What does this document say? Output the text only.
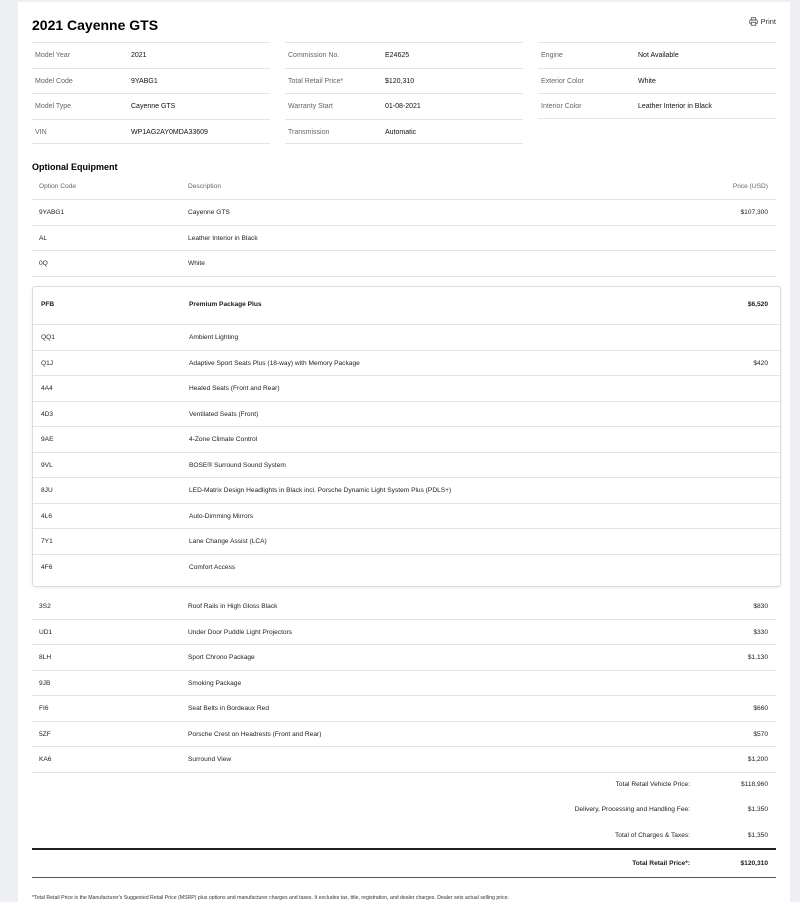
2021 Cayenne GTS	Print
Model Year	2021
Model Code	9YABG1
Model Type	Cayenne GTS
VIN	WP1AG2AY0MDA33609
Commission No.	E24625
Total Retail Price*	$120,310
Warranty Start	01-08-2021
Transmission	Automatic
Engine	Not Available
Exterior Color	White
Interior Color	Leather Interior in Black
Optional Equipment
Option Code	Description	Price (USD)
9YABG1	Cayenne GTS	$107,300
AL	Leather Interior in Black
0Q	White
PFB	Premium Package Plus	$6,520
QQ1	Ambient Lighting
Q1J	Adaptive Sport Seats Plus (18-way) with Memory Package	$420
4A4	Heated Seats (Front and Rear)
4D3	Ventilated Seats (Front)
9AE	4-Zone Climate Control
9VL	BOSE® Surround Sound System
8JU	LED-Matrix Design Headlights in Black incl. Porsche Dynamic Light System Plus (PDLS+)
4L6	Auto-Dimming Mirrors
7Y1	Lane Change Assist (LCA)
4F6	Comfort Access
3S2	Roof Rails in High Gloss Black	$830
UD1	Under Door Puddle Light Projectors	$330
8LH	Sport Chrono Package	$1,130
9JB	Smoking Package
FI6	Seat Belts in Bordeaux Red	$660
5ZF	Porsche Crest on Headrests (Front and Rear)	$570
KA6	Surround View	$1,200
Total Retail Vehicle Price:	$118,960
Delivery, Processing and Handling Fee:	$1,350
Total of Charges & Taxes:	$1,350
Total Retail Price*:	$120,310
*Total Retail Price is the Manufacturer's Suggested Retail Price (MSRP) plus options and manufacturer charges and taxes. It excludes tax, title, registration, and dealer charges. Dealer sets actual selling price.
